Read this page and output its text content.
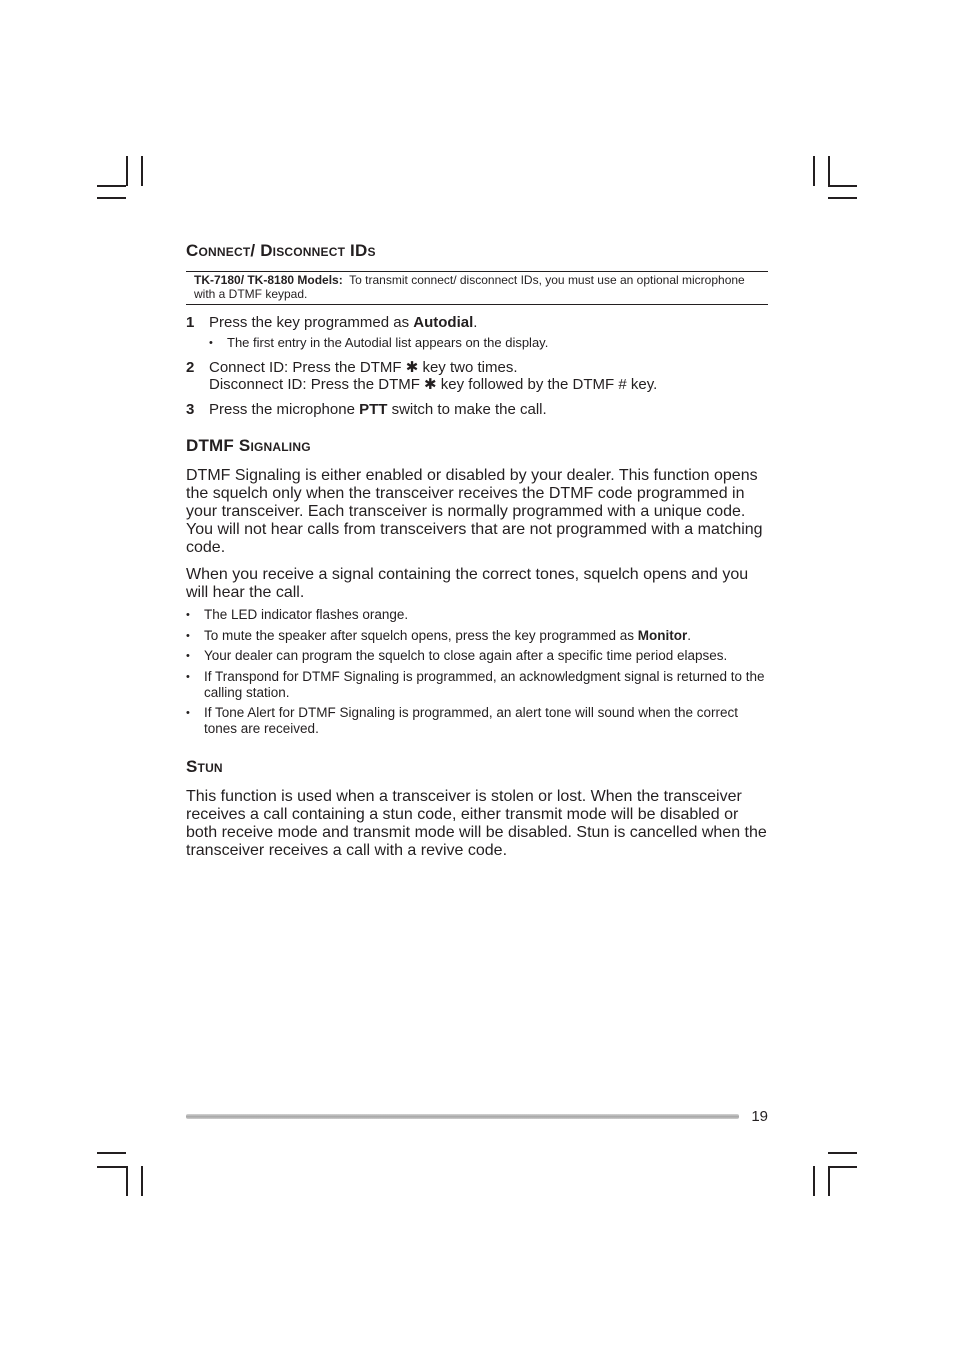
Connect/ Disconnect IDs
TK-7180/ TK-8180 Models: To transmit connect/ disconnect IDs, you must use an optional microphone with a DTMF keypad.
1 Press the key programmed as Autodial.
• The first entry in the Autodial list appears on the display.
2 Connect ID: Press the DTMF ✱ key two times.
Disconnect ID: Press the DTMF ✱ key followed by the DTMF # key.
3 Press the microphone PTT switch to make the call.
DTMF Signaling

DTMF Signaling is either enabled or disabled by your dealer. This function opens the squelch only when the transceiver receives the DTMF code programmed in your transceiver. Each transceiver is normally programmed with a unique code. You will not hear calls from transceivers that are not programmed with a matching code.

When you receive a signal containing the correct tones, squelch opens and you will hear the call.

• The LED indicator flashes orange.
• To mute the speaker after squelch opens, press the key programmed as Monitor.
• Your dealer can program the squelch to close again after a specific time period elapses.
• If Transpond for DTMF Signaling is programmed, an acknowledgment signal is returned to the calling station.
• If Tone Alert for DTMF Signaling is programmed, an alert tone will sound when the correct tones are received.
Stun

This function is used when a transceiver is stolen or lost. When the transceiver receives a call containing a stun code, either transmit mode will be disabled or both receive mode and transmit mode will be disabled. Stun is cancelled when the transceiver receives a call with a revive code.

19
